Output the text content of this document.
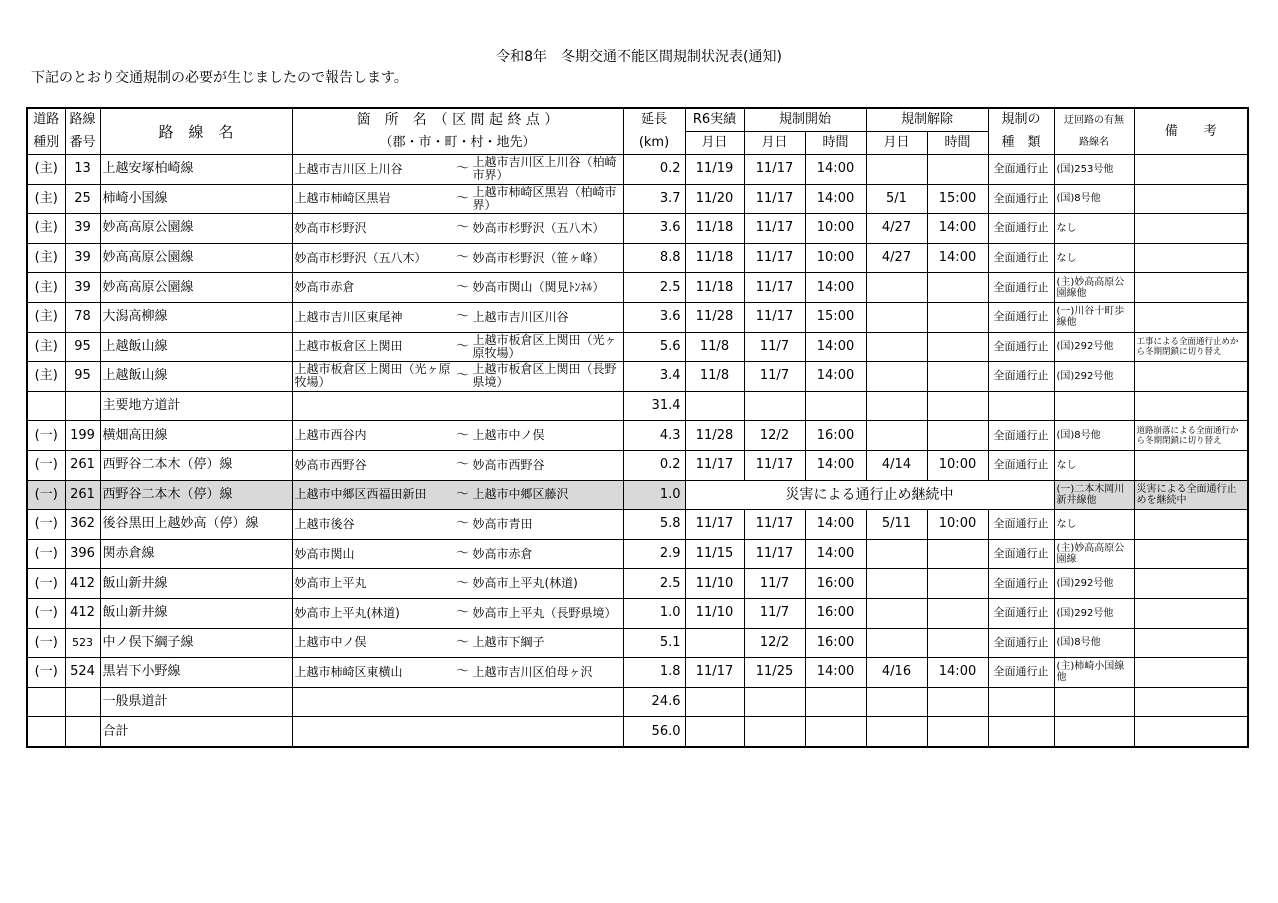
令和8年　冬期交通不能区間規制状況表(通知)
下記のとおり交通規制の必要が生じましたので報告します。
道路	路線	路　線　名	箇　所　名　（ 区 間 起 終 点 ）	延長	R6実績	規制開始		規制解除		規制の	迂回路の有無	備　　考
種別	番号		（郡・市・町・村・地先）	(km)	月日	月日	時間	月日	時間	種　類	路線名	
(主)	13	上越安塚柏崎線	上越市吉川区上川谷 ～ 上越市吉川区上川谷（柏崎市界）	0.2	11/19	11/17	14:00			全面通行止	(国)253号他	
(主)	25	柿崎小国線	上越市柿崎区黒岩 ～ 上越市柿崎区黒岩（柏崎市界）	3.7	11/20	11/17	14:00	5/1	15:00	全面通行止	(国)8号他	
(主)	39	妙高高原公園線	妙高市杉野沢 ～ 妙高市杉野沢（五八木）	3.6	11/18	11/17	10:00	4/27	14:00	全面通行止	なし	
(主)	39	妙高高原公園線	妙高市杉野沢（五八木） ～ 妙高市杉野沢（笹ヶ峰）	8.8	11/18	11/17	10:00	4/27	14:00	全面通行止	なし	
(主)	39	妙高高原公園線	妙高市赤倉 ～ 妙高市関山（関見ﾄﾝﾈﾙ）	2.5	11/18	11/17	14:00			全面通行止	(主)妙高高原公園線他	
(主)	78	大潟高柳線	上越市吉川区東尾神 ～ 上越市吉川区川谷	3.6	11/28	11/17	15:00			全面通行止	(一)川谷十町歩線他	
(主)	95	上越飯山線	上越市板倉区上関田 ～ 上越市板倉区上関田（光ヶ原牧場）	5.6	11/8	11/7	14:00			全面通行止	(国)292号他	工事による全面通行止めから冬期閉鎖に切り替え
(主)	95	上越飯山線	上越市板倉区上関田（光ヶ原牧場） ～ 上越市板倉区上関田（長野県境）	3.4	11/8	11/7	14:00			全面通行止	(国)292号他	
		主要地方道計		31.4								
(一)	199	横畑高田線	上越市西谷内 ～ 上越市中ノ俣	4.3	11/28	12/2	16:00			全面通行止	(国)8号他	道路崩落による全面通行から冬期閉鎖に切り替え
(一)	261	西野谷二本木（停）線	妙高市西野谷 ～ 妙高市西野谷	0.2	11/17	11/17	14:00	4/14	10:00	全面通行止	なし	
(一)	261	西野谷二本木（停）線	上越市中郷区西福田新田 ～ 上越市中郷区藤沢	1.0	災害による通行止め継続中						(一)二本木岡川新井線他	災害による全面通行止めを継続中
(一)	362	後谷黒田上越妙高（停）線	上越市後谷 ～ 妙高市青田	5.8	11/17	11/17	14:00	5/11	10:00	全面通行止	なし	
(一)	396	関赤倉線	妙高市関山 ～ 妙高市赤倉	2.9	11/15	11/17	14:00			全面通行止	(主)妙高高原公園線	
(一)	412	飯山新井線	妙高市上平丸 ～ 妙高市上平丸(林道)	2.5	11/10	11/7	16:00			全面通行止	(国)292号他	
(一)	412	飯山新井線	妙高市上平丸(林道) ～ 妙高市上平丸（長野県境）	1.0	11/10	11/7	16:00			全面通行止	(国)292号他	
(一)	523	中ノ俣下綱子線	上越市中ノ俣 ～ 上越市下綱子	5.1		12/2	16:00			全面通行止	(国)8号他	
(一)	524	黒岩下小野線	上越市柿崎区東横山 ～ 上越市吉川区伯母ヶ沢	1.8	11/17	11/25	14:00	4/16	14:00	全面通行止	(主)柿崎小国線他	
		一般県道計		24.6								
		合計		56.0								
